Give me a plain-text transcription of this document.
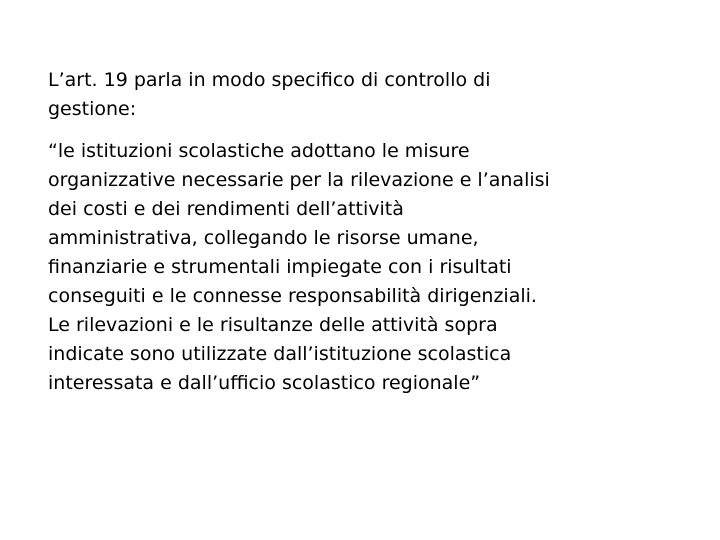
L’art. 19 parla in modo specifico di controllo di
gestione:

“le istituzioni scolastiche adottano le misure
organizzative necessarie per la rilevazione e l’analisi
dei costi e dei rendimenti dell’attività
amministrativa, collegando le risorse umane,
finanziarie e strumentali impiegate con i risultati
conseguiti e le connesse responsabilità dirigenziali.
Le rilevazioni e le risultanze delle attività sopra
indicate sono utilizzate dall’istituzione scolastica
interessata e dall’ufficio scolastico regionale”
